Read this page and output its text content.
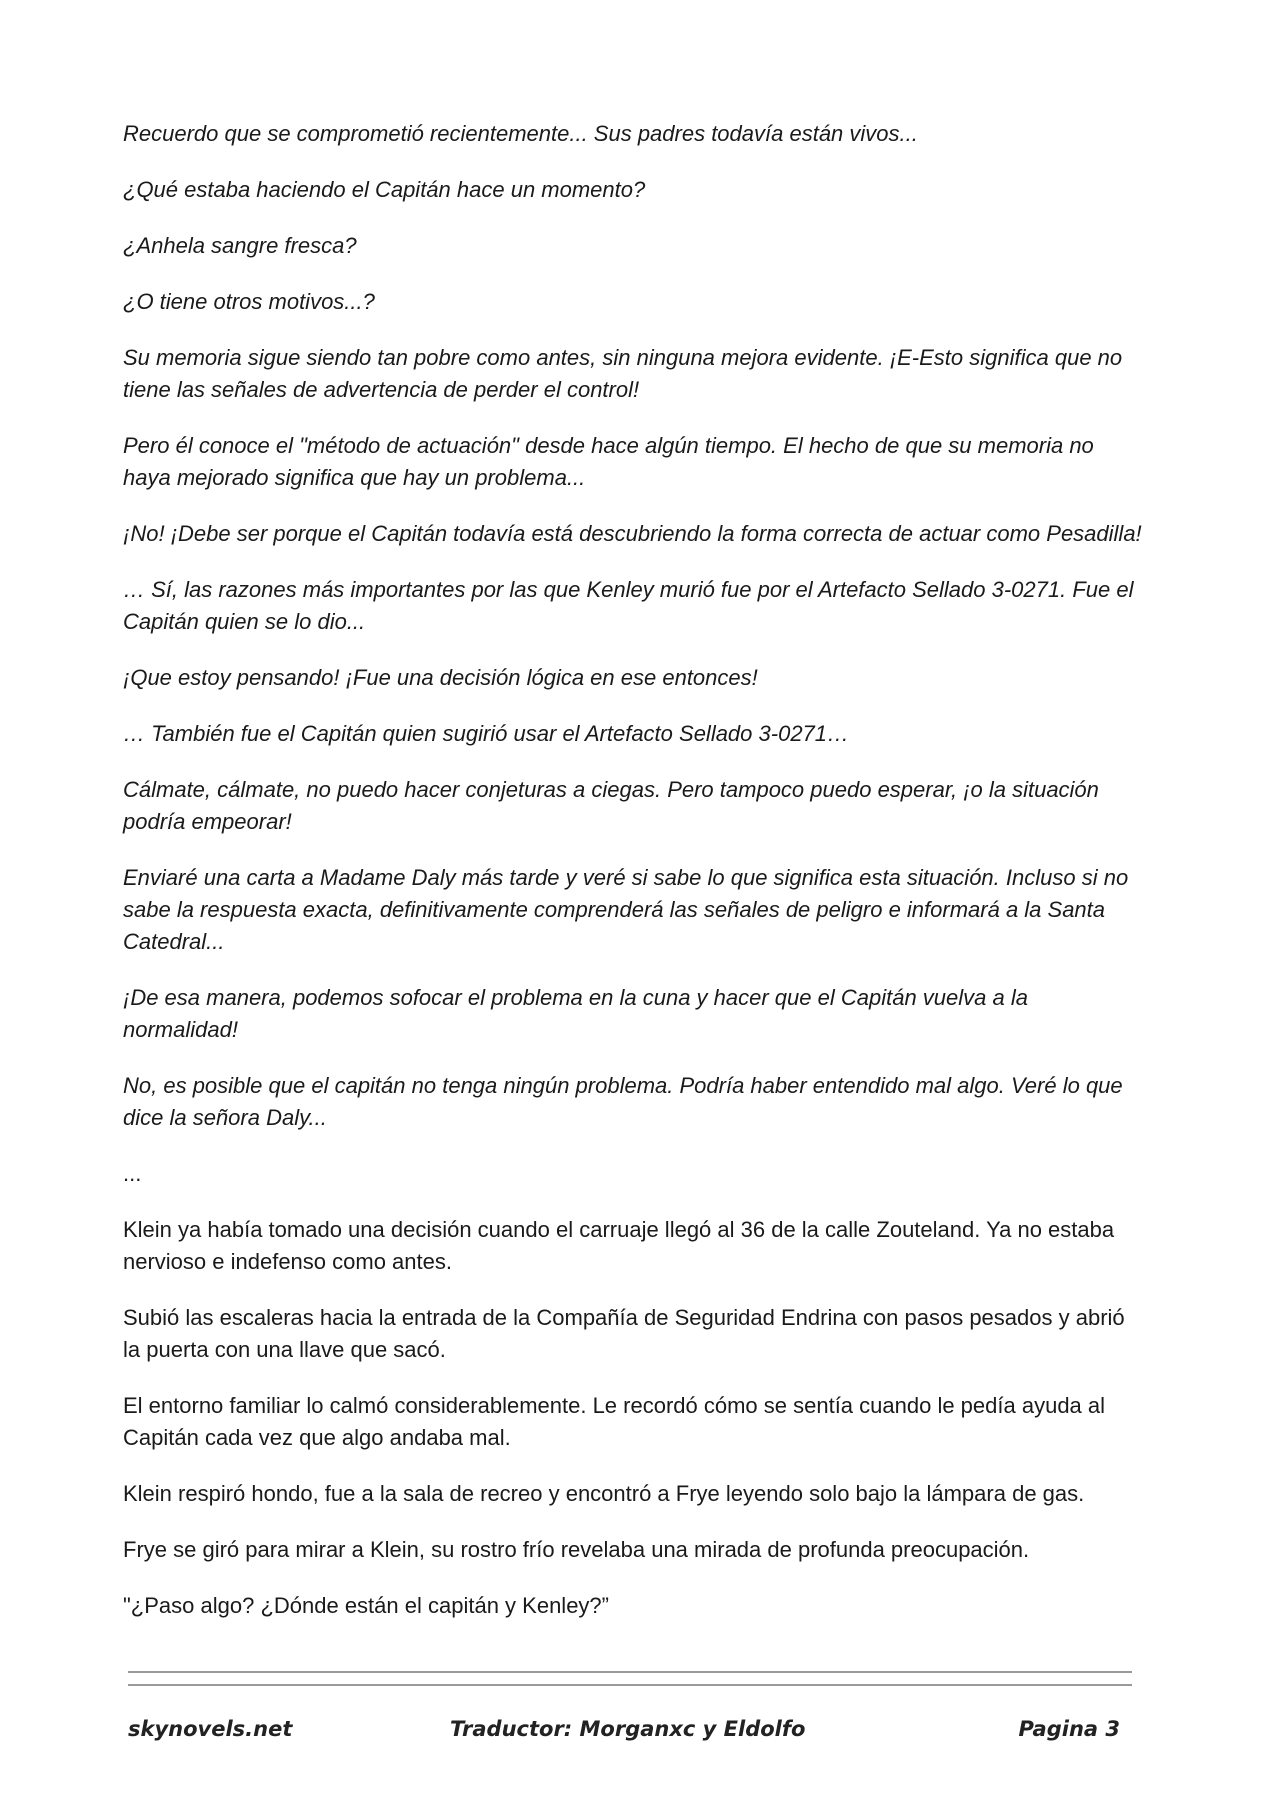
Recuerdo que se comprometió recientemente... Sus padres todavía están vivos...

¿Qué estaba haciendo el Capitán hace un momento?

¿Anhela sangre fresca?

¿O tiene otros motivos...?

Su memoria sigue siendo tan pobre como antes, sin ninguna mejora evidente. ¡E-Esto significa que no tiene las señales de advertencia de perder el control!

Pero él conoce el "método de actuación" desde hace algún tiempo. El hecho de que su memoria no haya mejorado significa que hay un problema...

¡No! ¡Debe ser porque el Capitán todavía está descubriendo la forma correcta de actuar como Pesadilla!

… Sí, las razones más importantes por las que Kenley murió fue por el Artefacto Sellado 3-0271. Fue el Capitán quien se lo dio...

¡Que estoy pensando! ¡Fue una decisión lógica en ese entonces!

… También fue el Capitán quien sugirió usar el Artefacto Sellado 3-0271…

Cálmate, cálmate, no puedo hacer conjeturas a ciegas. Pero tampoco puedo esperar, ¡o la situación podría empeorar!

Enviaré una carta a Madame Daly más tarde y veré si sabe lo que significa esta situación. Incluso si no sabe la respuesta exacta, definitivamente comprenderá las señales de peligro e informará a la Santa Catedral...

¡De esa manera, podemos sofocar el problema en la cuna y hacer que el Capitán vuelva a la normalidad!

No, es posible que el capitán no tenga ningún problema. Podría haber entendido mal algo. Veré lo que dice la señora Daly...

...

Klein ya había tomado una decisión cuando el carruaje llegó al 36 de la calle Zouteland. Ya no estaba nervioso e indefenso como antes.

Subió las escaleras hacia la entrada de la Compañía de Seguridad Endrina con pasos pesados y abrió la puerta con una llave que sacó.

El entorno familiar lo calmó considerablemente. Le recordó cómo se sentía cuando le pedía ayuda al Capitán cada vez que algo andaba mal.

Klein respiró hondo, fue a la sala de recreo y encontró a Frye leyendo solo bajo la lámpara de gas.

Frye se giró para mirar a Klein, su rostro frío revelaba una mirada de profunda preocupación.

"¿Paso algo? ¿Dónde están el capitán y Kenley?”

skynovels.net	Traductor: Morganxc y Eldolfo	Pagina 3
